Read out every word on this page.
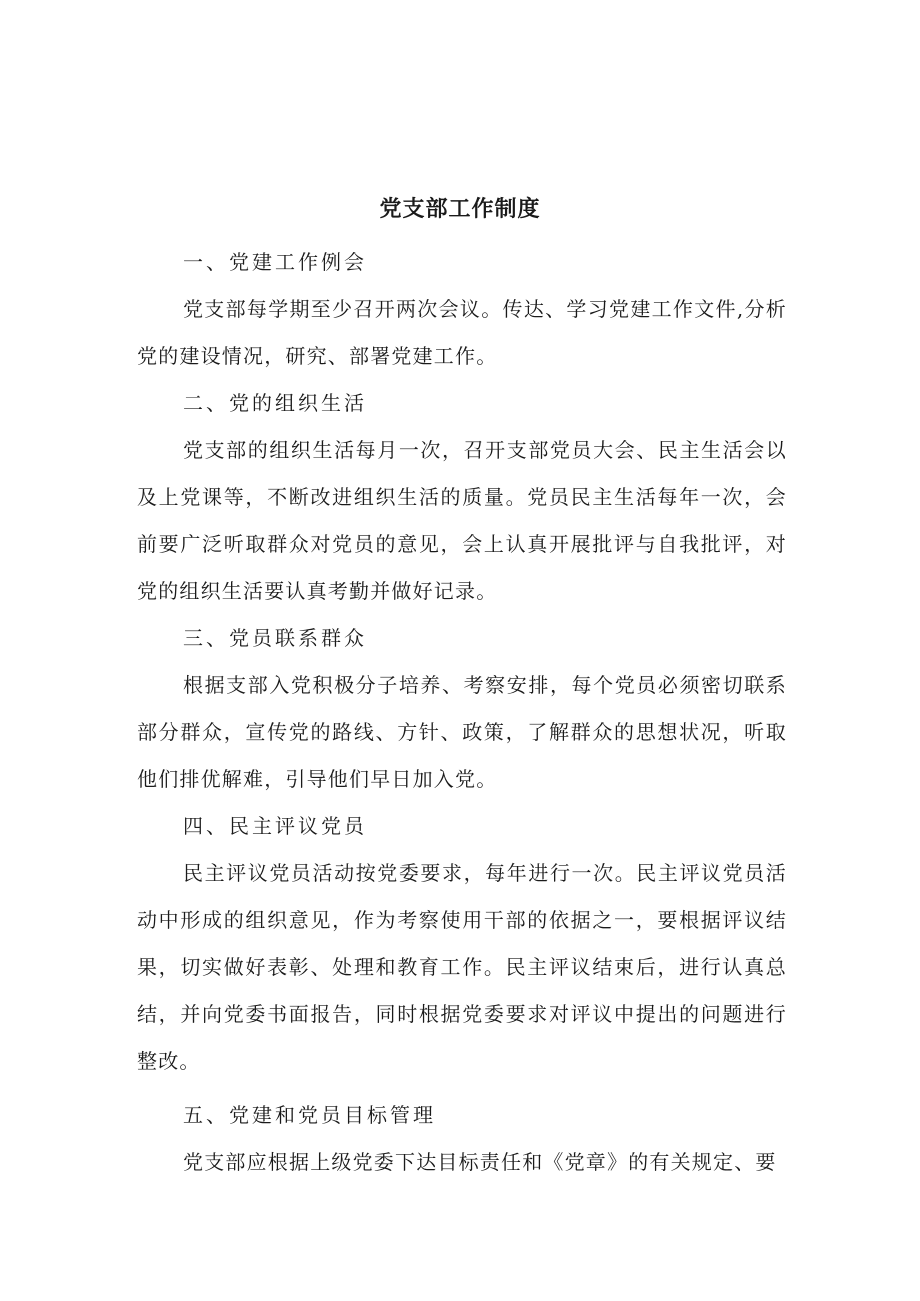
党支部工作制度

一、党建工作例会

党支部每学期至少召开两次会议。传达、学习党建工作文件,分析党的建设情况，研究、部署党建工作。

二、党的组织生活

党支部的组织生活每月一次，召开支部党员大会、民主生活会以及上党课等，不断改进组织生活的质量。党员民主生活每年一次，会前要广泛听取群众对党员的意见，会上认真开展批评与自我批评，对党的组织生活要认真考勤并做好记录。

三、党员联系群众

根据支部入党积极分子培养、考察安排，每个党员必须密切联系部分群众，宣传党的路线、方针、政策，了解群众的思想状况，听取他们排优解难，引导他们早日加入党。

四、民主评议党员

民主评议党员活动按党委要求，每年进行一次。民主评议党员活动中形成的组织意见，作为考察使用干部的依据之一，要根据评议结果，切实做好表彰、处理和教育工作。民主评议结束后，进行认真总结，并向党委书面报告，同时根据党委要求对评议中提出的问题进行整改。

五、党建和党员目标管理

党支部应根据上级党委下达目标责任和《党章》的有关规定、要
